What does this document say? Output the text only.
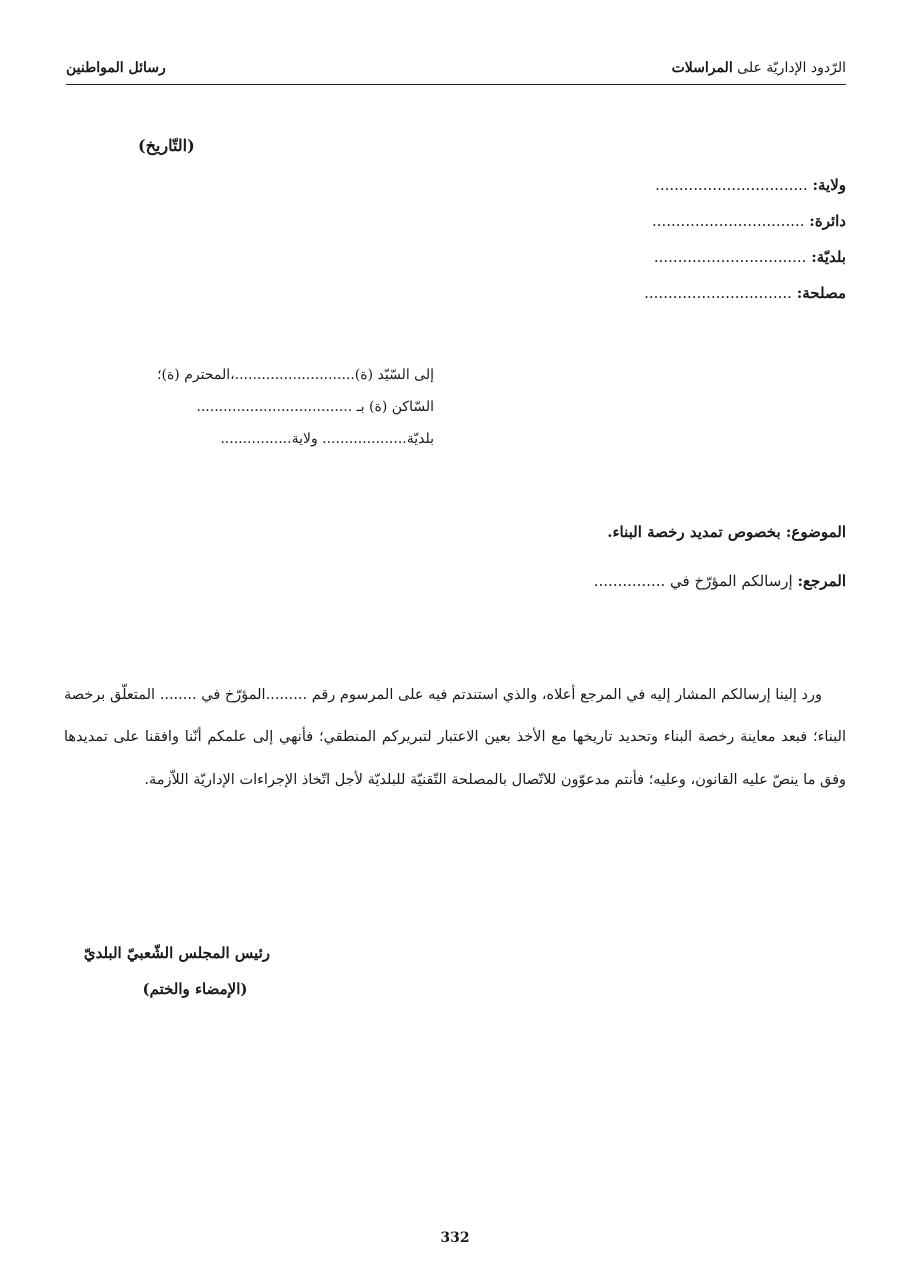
الرّدود الإداريّة على المراسلات
رسائل المواطنين
(التّاريخ)
ولاية: ................................
دائرة: ................................
بلديّة: ................................
مصلحة: ...............................
إلى السّيّد (ة)...........................،المحترم (ة)؛
السّاكن (ة) بـ ...................................
بلديّة................... ولاية................
الموضوع: بخصوص تمديد رخصة البناء.
المرجع: إرسالكم المؤرّخ في ...............

ورد إلينا إرسالكم المشار إليه في المرجع أعلاه، والذي استندتم فيه على المرسوم رقم .........المؤرّخ في ........ المتعلّق برخصة البناء؛ فبعد معاينة رخصة البناء وتحديد تاريخها مع الأخذ بعين الاعتبار لتبريركم المنطقي؛ فأنهي إلى علمكم أنّنا وافقنا على تمديدها وفق ما ينصّ عليه القانون، وعليه؛ فأنتم مدعوّون للاتّصال بالمصلحة التّقنيّة للبلديّة لأجل اتّخاذ الإجراءات الإداريّة اللاّزمة.

رئيس المجلس الشّعبيّ البلديّ
(الإمضاء والختم)
332
